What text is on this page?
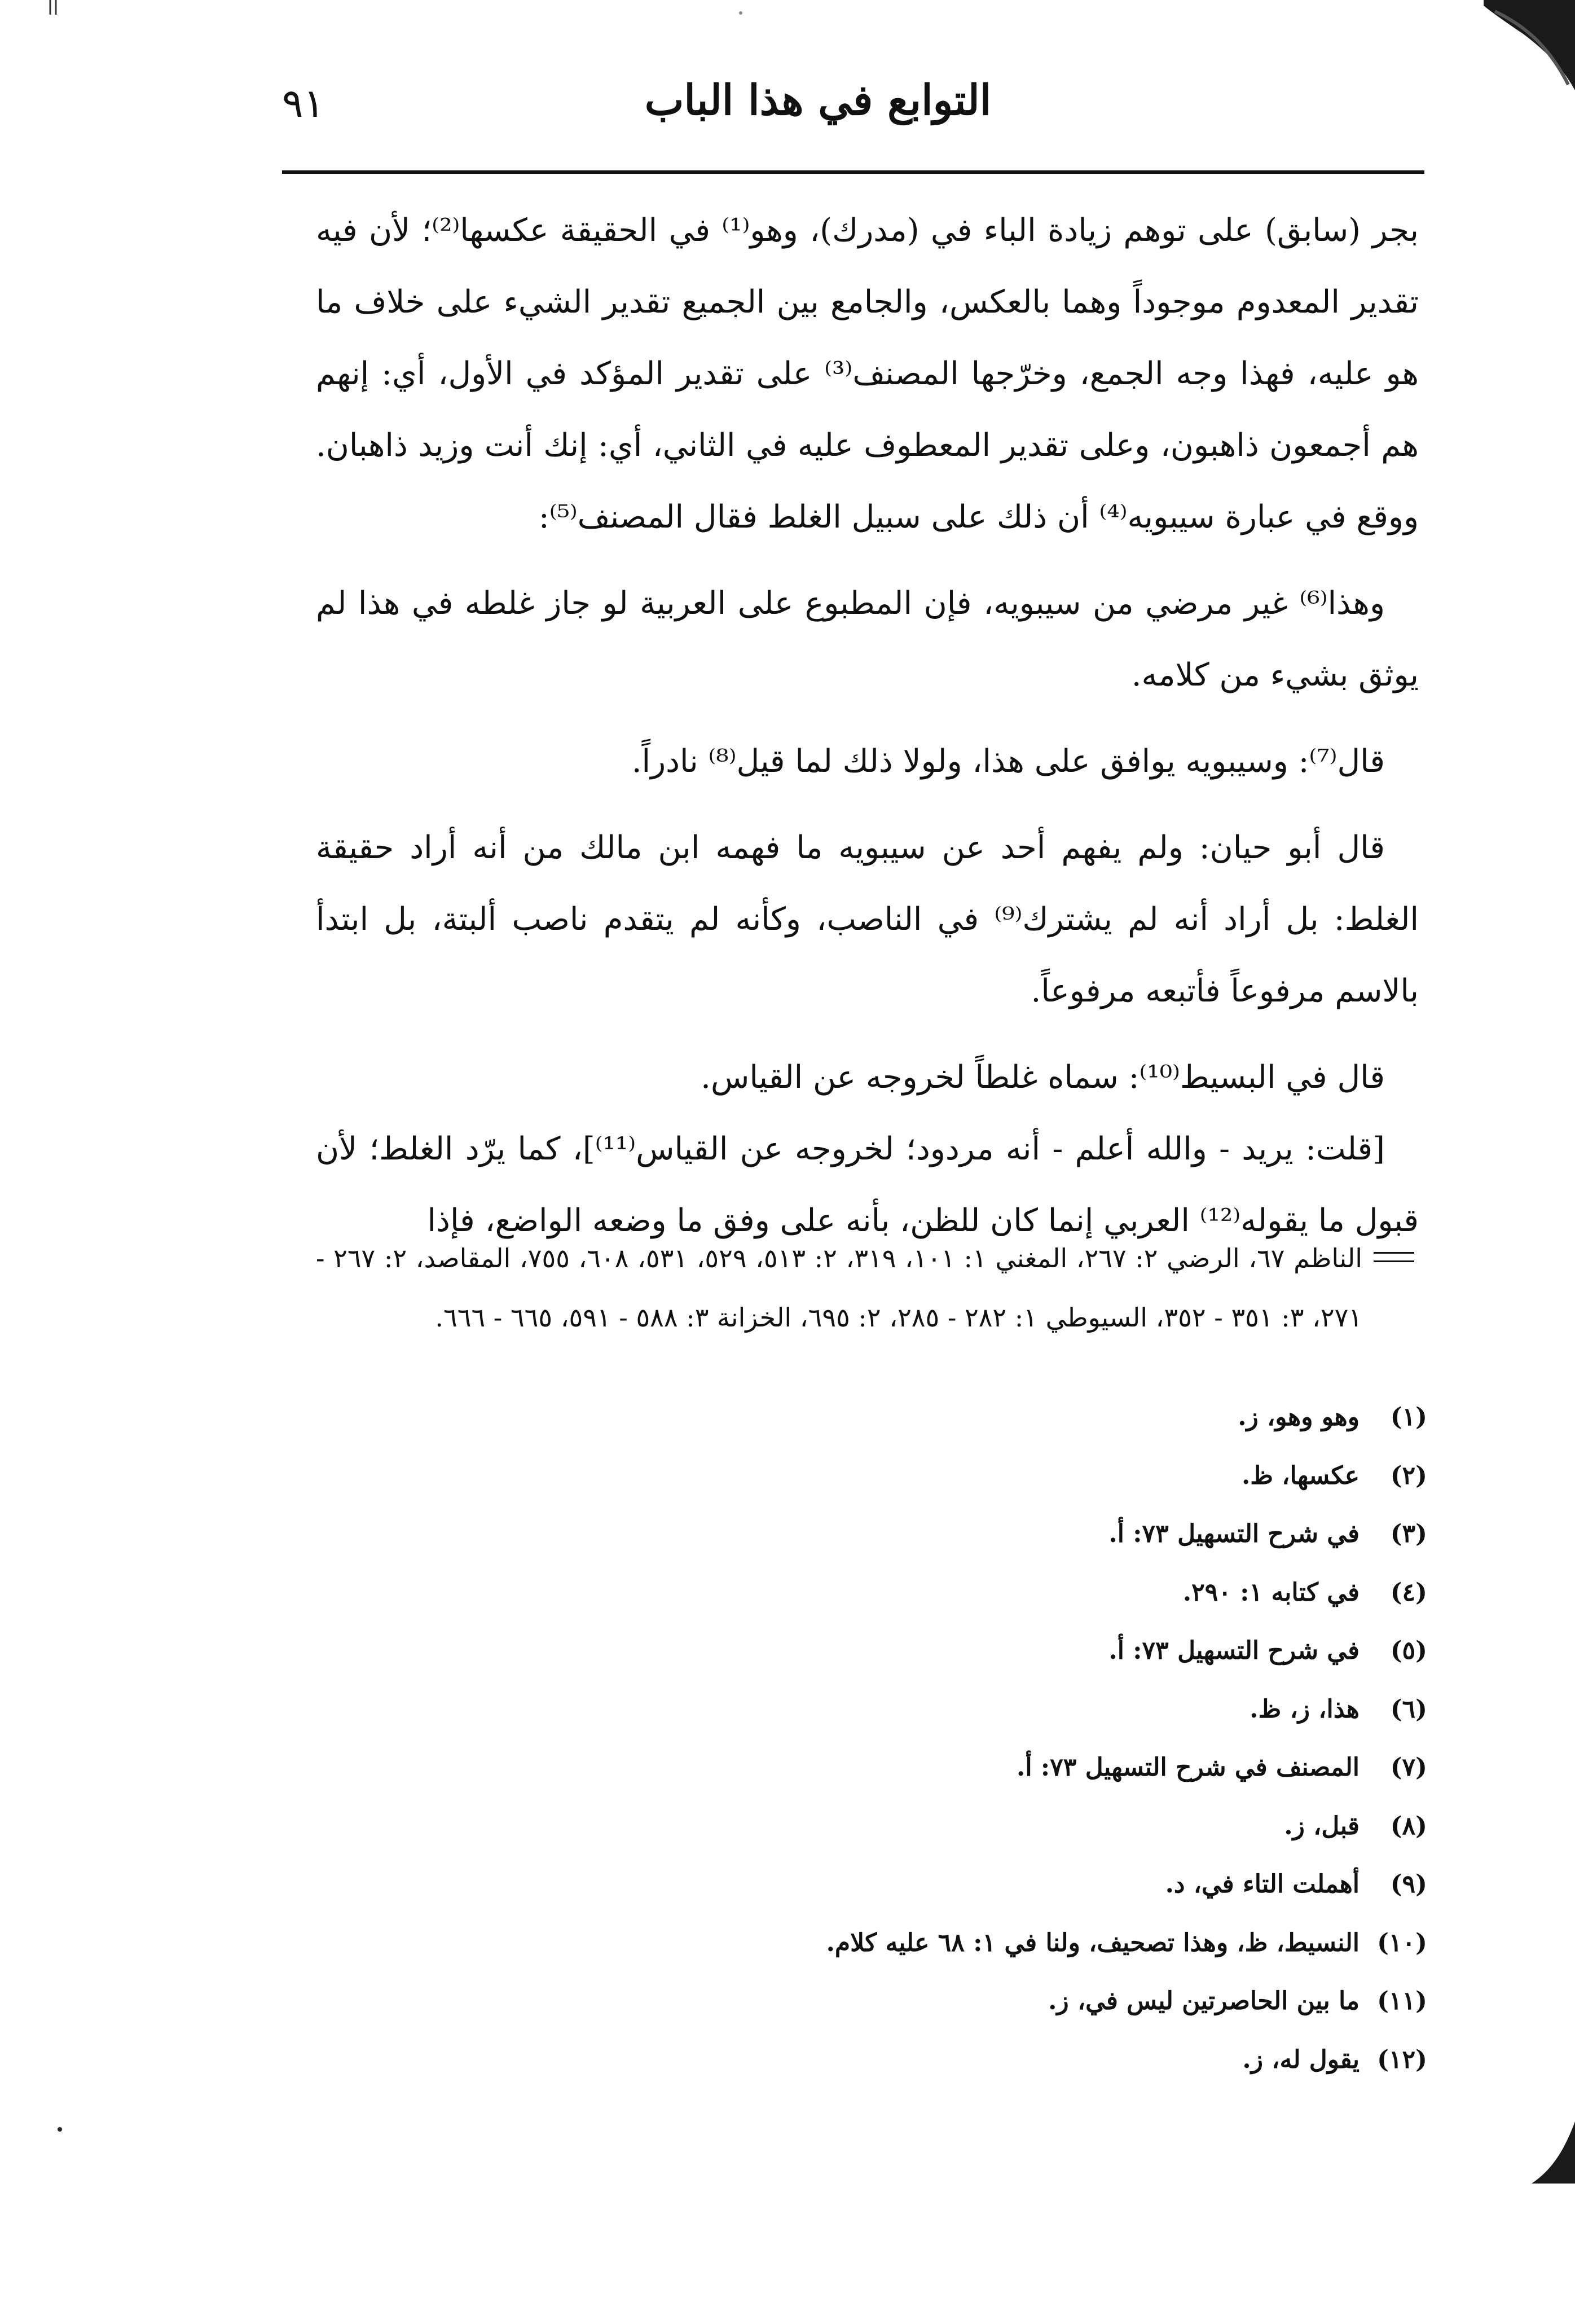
٩١	التوابع في هذا الباب

بجر (سابق) على توهم زيادة الباء في (مدرك)، وهو⁽¹⁾ في الحقيقة عكسها⁽²⁾؛ لأن فيه تقدير المعدوم موجوداً وهما بالعكس، والجامع بين الجميع تقدير الشيء على خلاف ما هو عليه، فهذا وجه الجمع، وخرّجها المصنف⁽³⁾ على تقدير المؤكد في الأول، أي: إنهم هم أجمعون ذاهبون، وعلى تقدير المعطوف عليه في الثاني، أي: إنك أنت وزيد ذاهبان. ووقع في عبارة سيبويه⁽⁴⁾ أن ذلك على سبيل الغلط فقال المصنف⁽⁵⁾:

وهذا⁽⁶⁾ غير مرضي من سيبويه، فإن المطبوع على العربية لو جاز غلطه في هذا لم يوثق بشيء من كلامه.

قال⁽⁷⁾: وسيبويه يوافق على هذا، ولولا ذلك لما قيل⁽⁸⁾ نادراً.

قال أبو حيان: ولم يفهم أحد عن سيبويه ما فهمه ابن مالك من أنه أراد حقيقة الغلط: بل أراد أنه لم يشترك⁽⁹⁾ في الناصب، وكأنه لم يتقدم ناصب ألبتة، بل ابتدأ بالاسم مرفوعاً فأتبعه مرفوعاً.

قال في البسيط⁽¹⁰⁾: سماه غلطاً لخروجه عن القياس.

[قلت: يريد - والله أعلم - أنه مردود؛ لخروجه عن القياس⁽¹¹⁾]، كما يرّد الغلط؛ لأن قبول ما يقوله⁽¹²⁾ العربي إنما كان للظن، بأنه على وفق ما وضعه الواضع، فإذا

الناظم ٦٧، الرضي ٢: ٢٦٧، المغني ١: ١٠١، ٣١٩، ٢: ٥١٣، ٥٢٩، ٥٣١، ٦٠٨، ٧٥٥، المقاصد، ٢: ٢٦٧ - ٢٧١، ٣: ٣٥١ - ٣٥٢، السيوطي ١: ٢٨٢ - ٢٨٥، ٢: ٦٩٥، الخزانة ٣: ٥٨٨ - ٥٩١، ٦٦٥ - ٦٦٦.

(١)
وهو وهو، ز.
(٢)
عكسها، ظ.
(٣)
في شرح التسهيل ٧٣: أ.
(٤)
في كتابه ١: ٢٩٠.
(٥)
في شرح التسهيل ٧٣: أ.
(٦)
هذا، ز، ظ.
(٧)
المصنف في شرح التسهيل ٧٣: أ.
(٨)
قبل، ز.
(٩)
أهملت التاء في، د.
(١٠)
النسيط، ظ، وهذا تصحيف، ولنا في ١: ٦٨ عليه كلام.
(١١)
ما بين الحاصرتين ليس في، ز.
(١٢)
يقول له، ز.
